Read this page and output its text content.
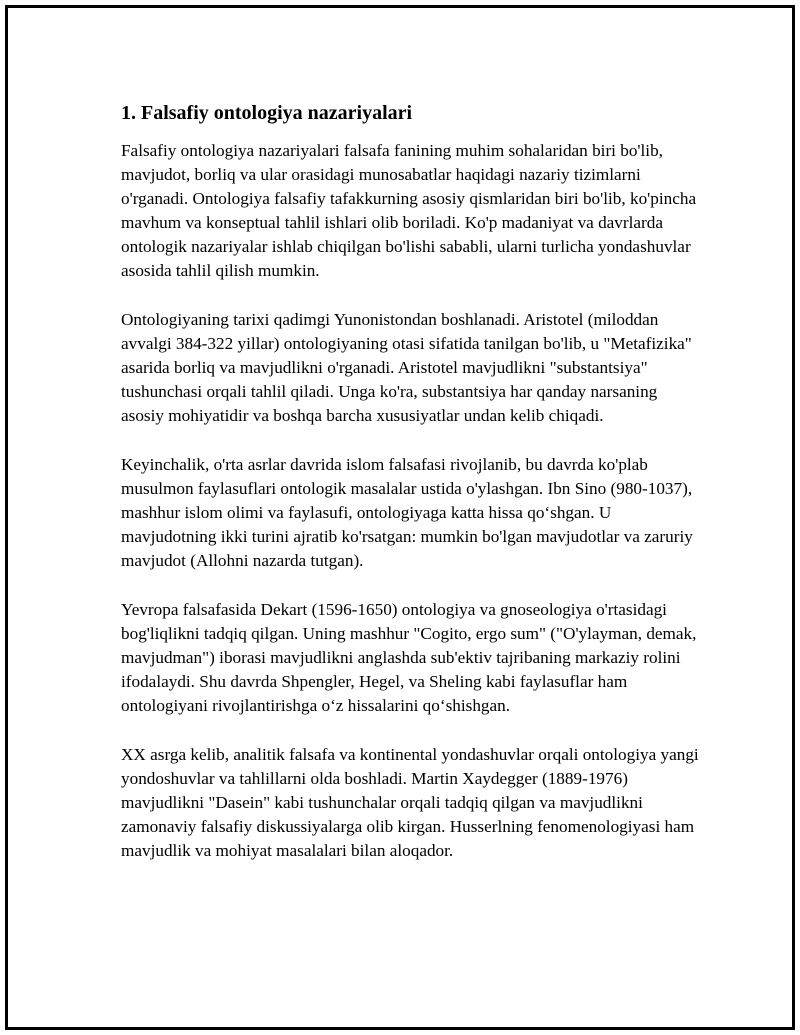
1. Falsafiy ontologiya nazariyalari

Falsafiy ontologiya nazariyalari falsafa fanining muhim sohalaridan biri bo'lib, mavjudot, borliq va ular orasidagi munosabatlar haqidagi nazariy tizimlarni o'rganadi. Ontologiya falsafiy tafakkurning asosiy qismlaridan biri bo'lib, ko'pincha mavhum va konseptual tahlil ishlari olib boriladi. Ko'p madaniyat va davrlarda ontologik nazariyalar ishlab chiqilgan bo'lishi sababli, ularni turlicha yondashuvlar asosida tahlil qilish mumkin.

Ontologiyaning tarixi qadimgi Yunonistondan boshlanadi. Aristotel (miloddan avvalgi 384-322 yillar) ontologiyaning otasi sifatida tanilgan bo'lib, u "Metafizika" asarida borliq va mavjudlikni o'rganadi. Aristotel mavjudlikni "substantsiya" tushunchasi orqali tahlil qiladi. Unga ko'ra, substantsiya har qanday narsaning asosiy mohiyatidir va boshqa barcha xususiyatlar undan kelib chiqadi.

Keyinchalik, o'rta asrlar davrida islom falsafasi rivojlanib, bu davrda ko'plab musulmon faylasuflari ontologik masalalar ustida o'ylashgan. Ibn Sino (980-1037), mashhur islom olimi va faylasufi, ontologiyaga katta hissa qo‘shgan. U mavjudotning ikki turini ajratib ko'rsatgan: mumkin bo'lgan mavjudotlar va zaruriy mavjudot (Allohni nazarda tutgan).

Yevropa falsafasida Dekart (1596-1650) ontologiya va gnoseologiya o'rtasidagi bog'liqlikni tadqiq qilgan. Uning mashhur "Cogito, ergo sum" ("O'ylayman, demak, mavjudman") iborasi mavjudlikni anglashda sub'ektiv tajribaning markaziy rolini ifodalaydi. Shu davrda Shpengler, Hegel, va Sheling kabi faylasuflar ham ontologiyani rivojlantirishga o‘z hissalarini qo‘shishgan.

XX asrga kelib, analitik falsafa va kontinental yondashuvlar orqali ontologiya yangi yondoshuvlar va tahlillarni olda boshladi. Martin Xaydegger (1889-1976) mavjudlikni "Dasein" kabi tushunchalar orqali tadqiq qilgan va mavjudlikni zamonaviy falsafiy diskussiyalarga olib kirgan. Husserlning fenomenologiyasi ham mavjudlik va mohiyat masalalari bilan aloqador.
